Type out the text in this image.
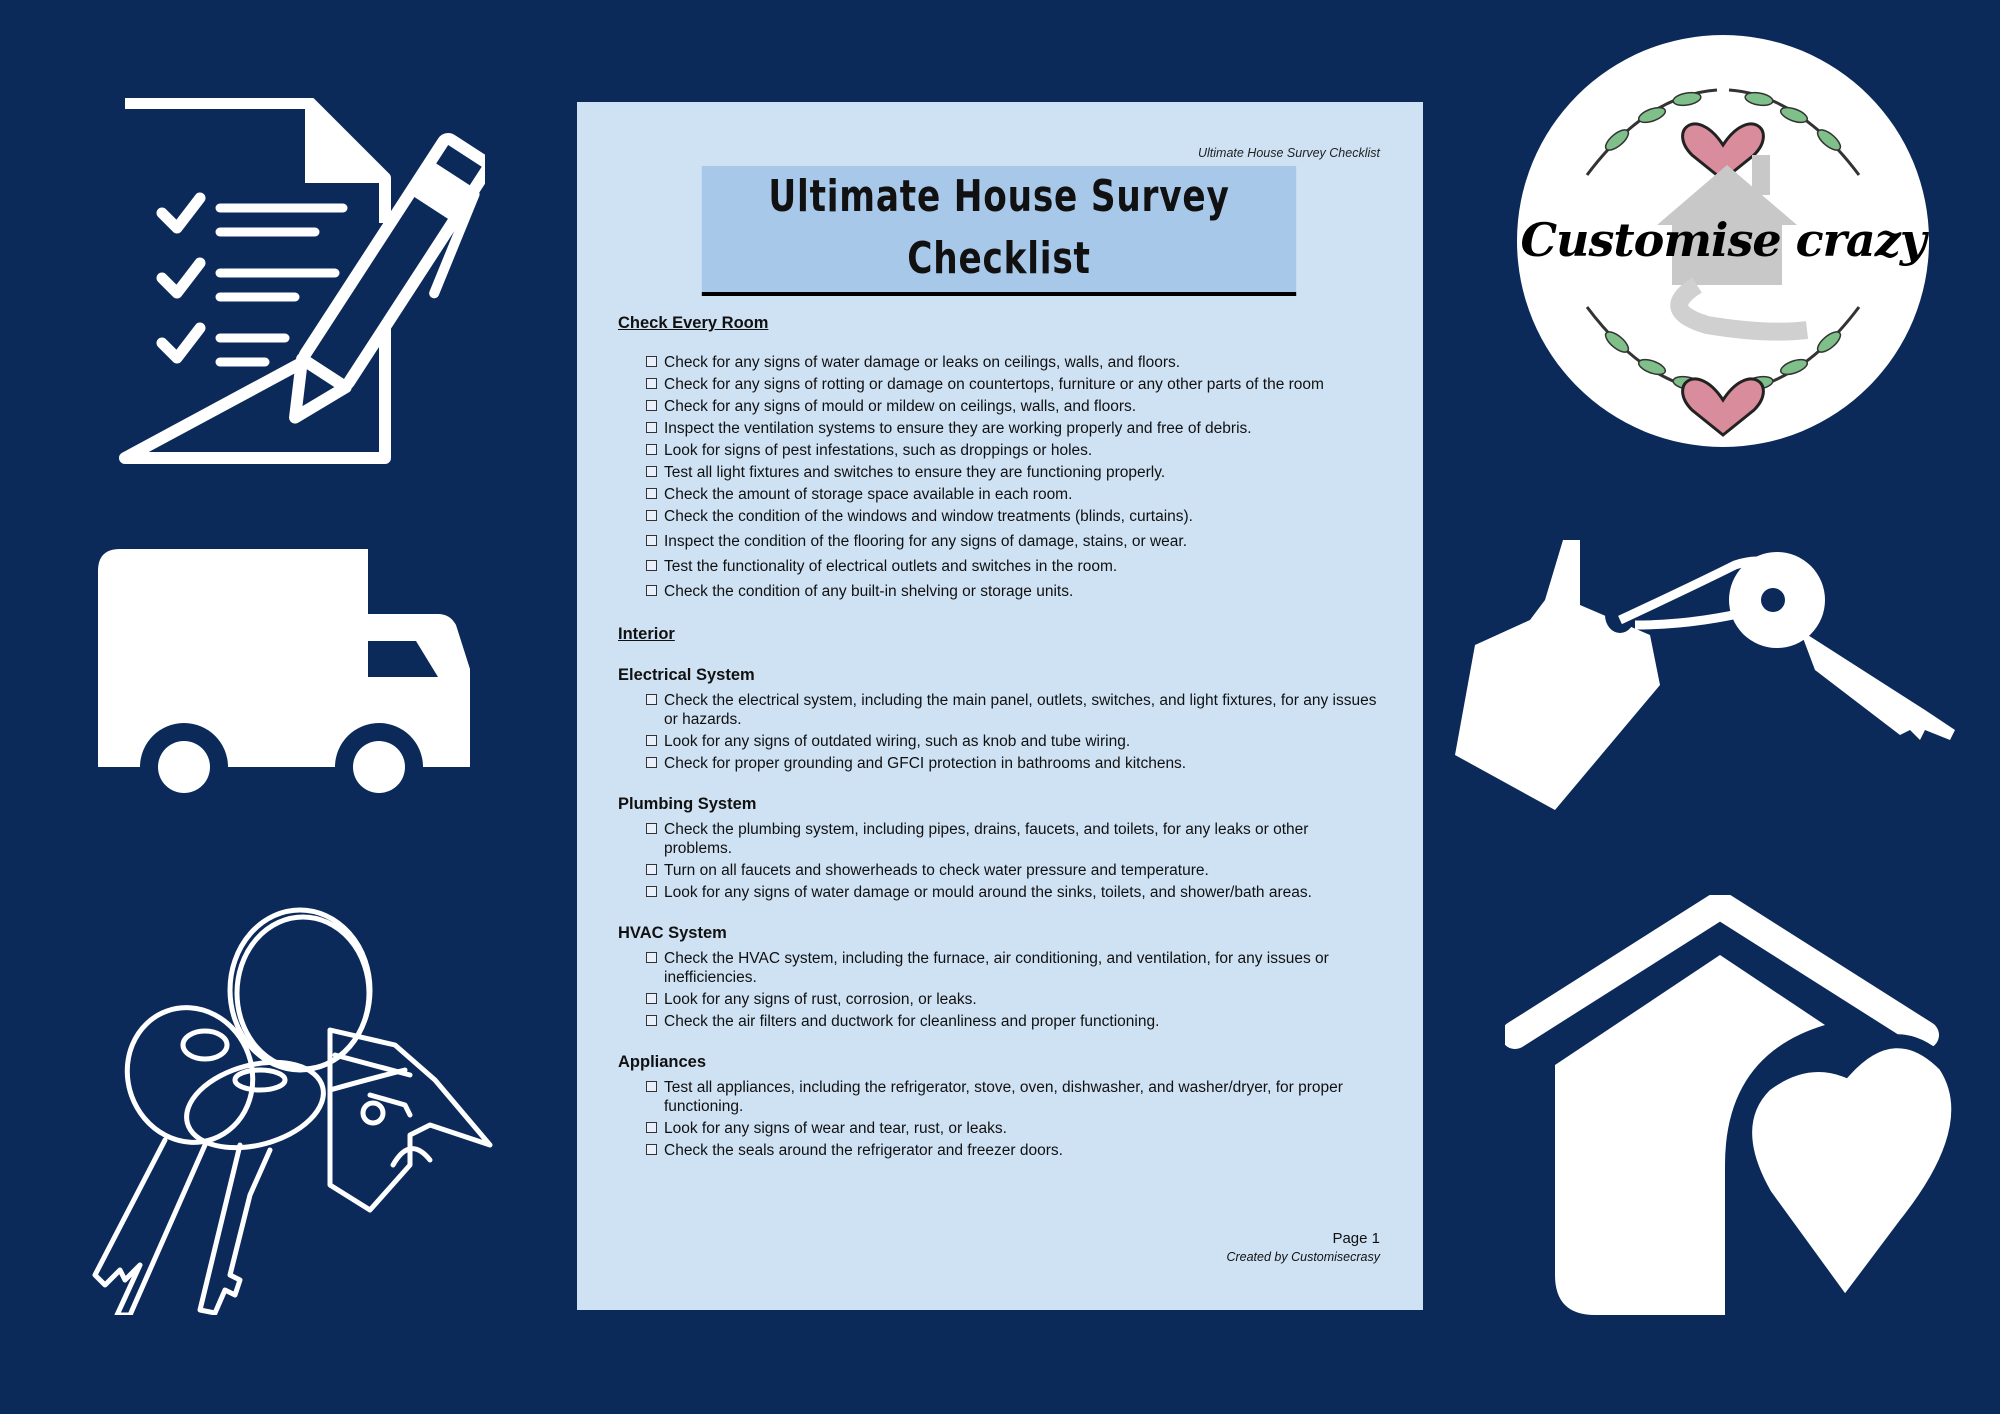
Ultimate House Survey Checklist
Ultimate House Survey Checklist
Check Every Room
Check for any signs of water damage or leaks on ceilings, walls, and floors.
Check for any signs of rotting or damage on countertops, furniture or any other parts of the room
Check for any signs of mould or mildew on ceilings, walls, and floors.
Inspect the ventilation systems to ensure they are working properly and free of debris.
Look for signs of pest infestations, such as droppings or holes.
Test all light fixtures and switches to ensure they are functioning properly.
Check the amount of storage space available in each room.
Check the condition of the windows and window treatments (blinds, curtains).
Inspect the condition of the flooring for any signs of damage, stains, or wear.
Test the functionality of electrical outlets and switches in the room.
Check the condition of any built-in shelving or storage units.
Interior
Electrical System
Check the electrical system, including the main panel, outlets, switches, and light fixtures, for any issues or hazards.
Look for any signs of outdated wiring, such as knob and tube wiring.
Check for proper grounding and GFCI protection in bathrooms and kitchens.
Plumbing System
Check the plumbing system, including pipes, drains, faucets, and toilets, for any leaks or other problems.
Turn on all faucets and showerheads to check water pressure and temperature.
Look for any signs of water damage or mould around the sinks, toilets, and shower/bath areas.
HVAC System
Check the HVAC system, including the furnace, air conditioning, and ventilation, for any issues or inefficiencies.
Look for any signs of rust, corrosion, or leaks.
Check the air filters and ductwork for cleanliness and proper functioning.
Appliances
Test all appliances, including the refrigerator, stove, oven, dishwasher, and washer/dryer, for proper functioning.
Look for any signs of wear and tear, rust, or leaks.
Check the seals around the refrigerator and freezer doors.
Page 1
Created by Customisecrasy
Customise crazy
